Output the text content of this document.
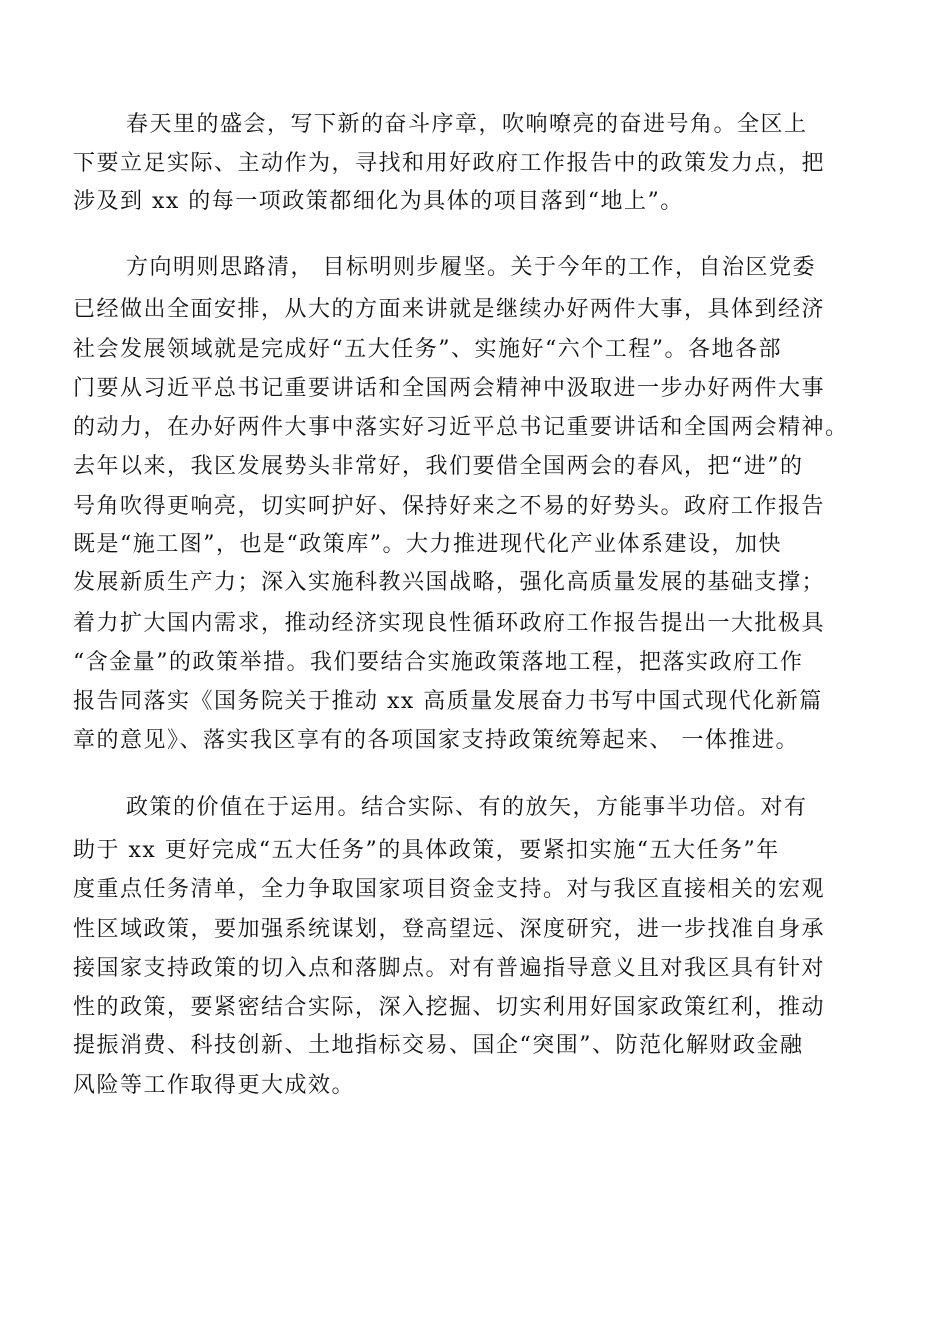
春天里的盛会，写下新的奋斗序章，吹响嘹亮的奋进号角。全区上
下要立足实际、主动作为，寻找和用好政府工作报告中的政策发力点，把
涉及到 xx 的每一项政策都细化为具体的项目落到“地上”。
方向明则思路清， 目标明则步履坚。关于今年的工作，自治区党委
已经做出全面安排，从大的方面来讲就是继续办好两件大事，具体到经济
社会发展领域就是完成好“五大任务”、实施好“六个工程”。各地各部
门要从习近平总书记重要讲话和全国两会精神中汲取进一步办好两件大事
的动力，在办好两件大事中落实好习近平总书记重要讲话和全国两会精神。
去年以来，我区发展势头非常好，我们要借全国两会的春风，把“进”的
号角吹得更响亮，切实呵护好、保持好来之不易的好势头。政府工作报告
既是“施工图”，也是“政策库”。大力推进现代化产业体系建设，加快
发展新质生产力；深入实施科教兴国战略，强化高质量发展的基础支撑；
着力扩大国内需求，推动经济实现良性循环政府工作报告提出一大批极具
“含金量”的政策举措。我们要结合实施政策落地工程，把落实政府工作
报告同落实《国务院关于推动 xx 高质量发展奋力书写中国式现代化新篇
章的意见》、落实我区享有的各项国家支持政策统筹起来、 一体推进。
政策的价值在于运用。结合实际、有的放矢，方能事半功倍。对有
助于 xx 更好完成“五大任务”的具体政策，要紧扣实施“五大任务”年
度重点任务清单，全力争取国家项目资金支持。对与我区直接相关的宏观
性区域政策，要加强系统谋划，登高望远、深度研究，进一步找准自身承
接国家支持政策的切入点和落脚点。对有普遍指导意义且对我区具有针对
性的政策，要紧密结合实际，深入挖掘、切实利用好国家政策红利，推动
提振消费、科技创新、土地指标交易、国企“突围”、防范化解财政金融
风险等工作取得更大成效。
